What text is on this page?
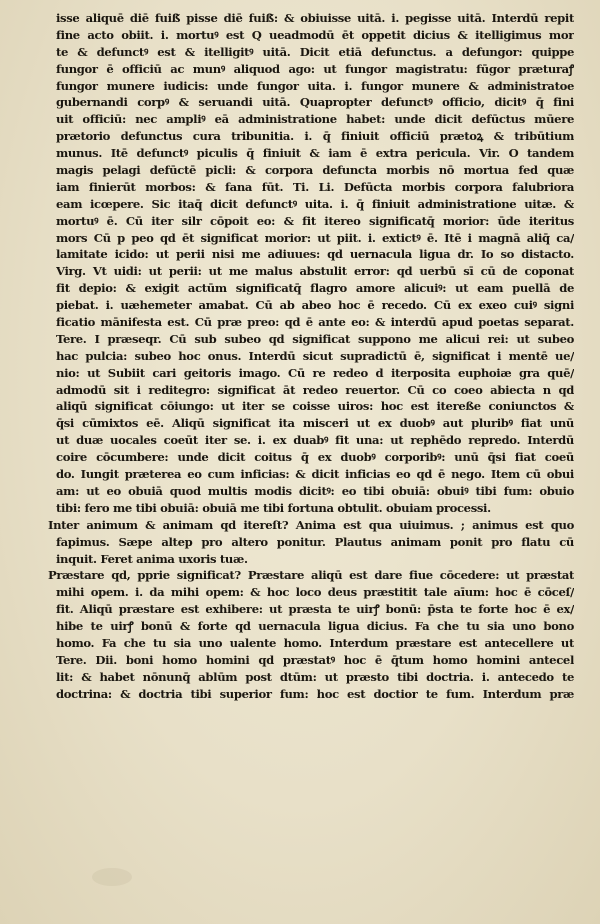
isse aliquē diē fuiß̃ pisse diē fuiß̃: & obiuisse uitā. i. pegisse uitā. Interdū repit
fine acto obiit. i. mortuꝰ est Q ueadmodū ēt oppetit dicius & itelligimus mor
te & defunctꝰ est & itelligitꝰ uitā. Dicit etiā defunctus. a defungor: quippe
fungor ē officiū ac munꝰ aliquod ago: ut fungor magistratu: fūgor præturaꝭ
fungor munere iudicis: unde fungor uita. i. fungor munere & administratoe
gubernandi corpꝰ & seruandi uitā. Quapropter defunctꝰ officio, dicitꝰ q̄ fini
uit officiū: nec ampliꝰ eā administratione habet: unde dicit defūctus mūere
prætorio defunctus cura tribunitia. i. q̄ finiuit officiū prætoꝝ & tribūtium
munus. Itē defunctꝰ piculis q̄ finiuit & iam ē extra pericula. Vir. O tandem
magis pelagi defūctē picli: & corpora defuncta morbis nō mortua fed quæ
iam finierūt morbos: & fana fūt. Ti. Li. Defūcta morbis corpora falubriora
eam icœpere. Sic itaq̄ dicit defunctꝰ uita. i. q̄ finiuit administratione uitæ. &
mortuꝰ ē. Cū iter silr cōpoit eo: & fit itereo significatq̄ morior: ūde iteritus
mors Cū p peo qd ēt significat morior: ut piit. i. extictꝰ ē. Itē i magnā aliq̄ ca/
lamitate icido: ut perii nisi me adiuues: qd uernacula ligua dr. Io so distacto.
Virg. Vt uidi: ut perii: ut me malus abstulit error: qd uerbū sī cū de coponat
fit depio: & exigit actūm significatq̄ flagro amore alicuiꝰ: ut eam puellā de
piebat. i. uæhemeter amabat. Cū ab abeo hoc ē recedo. Cū ex exeo cuiꝰ signi
ficatio mānifesta est. Cū præ preo: qd ē ante eo: & interdū apud poetas separat.
Tere. I præseqr. Cū sub subeo qd significat suppono me alicui rei: ut subeo
hac pulcia: subeo hoc onus. Interdū sicut supradictū ē, significat i mentē ue/
nio: ut Subiit cari geitoris imago. Cū re redeo d iterposita euphoiæ gra quē/
admodū sit i reditegro: significat āt redeo reuertor. Cū co coeo abiecta n qd
aliqū significat cōiungo: ut iter se coisse uiros: hoc est itereße coniunctos &
q̄si cūmixtos eē. Aliqū significat ita misceri ut ex duobꝰ aut pluribꝰ fiat unū
ut duæ uocales coeūt iter se. i. ex duabꝰ fit una: ut rephēdo repredo. Interdū
coire cōcumbere: unde dicit coitus q̄ ex duobꝰ corporibꝰ: unū q̄si fiat coeū
do. Iungit præterea eo cum inficias: & dicit inficias eo qd ē nego. Item cū obui
am: ut eo obuiā quod multis modis dicitꝰ: eo tibi obuiā: obuiꝰ tibi fum: obuio
tibi: fero me tibi obuiā: obuiā me tibi fortuna obtulit. obuiam processi.
Inter animum & animam qd itereſt? Anima est qua uiuimus. ; animus est quo
fapimus. Sæpe altep pro altero ponitur. Plautus animam ponit pro flatu cū
inquit. Feret anima uxoris tuæ.
Præstare qd, pprie significat? Præstare aliqū est dare fiue cōcedere: ut præstat
mihi opem. i. da mihi opem: & hoc loco deus præstitit tale aīum: hoc ē cōceſ/
fit. Aliqū præstare est exhibere: ut præsta te uirꝭ bonū: p̄sta te forte hoc ē ex/
hibe te uirꝭ bonū & forte qd uernacula ligua dicius. Fa che tu sia uno bono
homo. Fa che tu sia uno ualente homo. Interdum præstare est antecellere ut
Tere. Dii. boni homo homini qd præstatꝰ hoc ē q̄tum homo homini antecel
lit: & habet nōnunq̄ ablūm post dtūm: ut præsto tibi doctria. i. antecedo te
doctrina: & doctria tibi superior fum: hoc est doctior te fum. Interdum præ
